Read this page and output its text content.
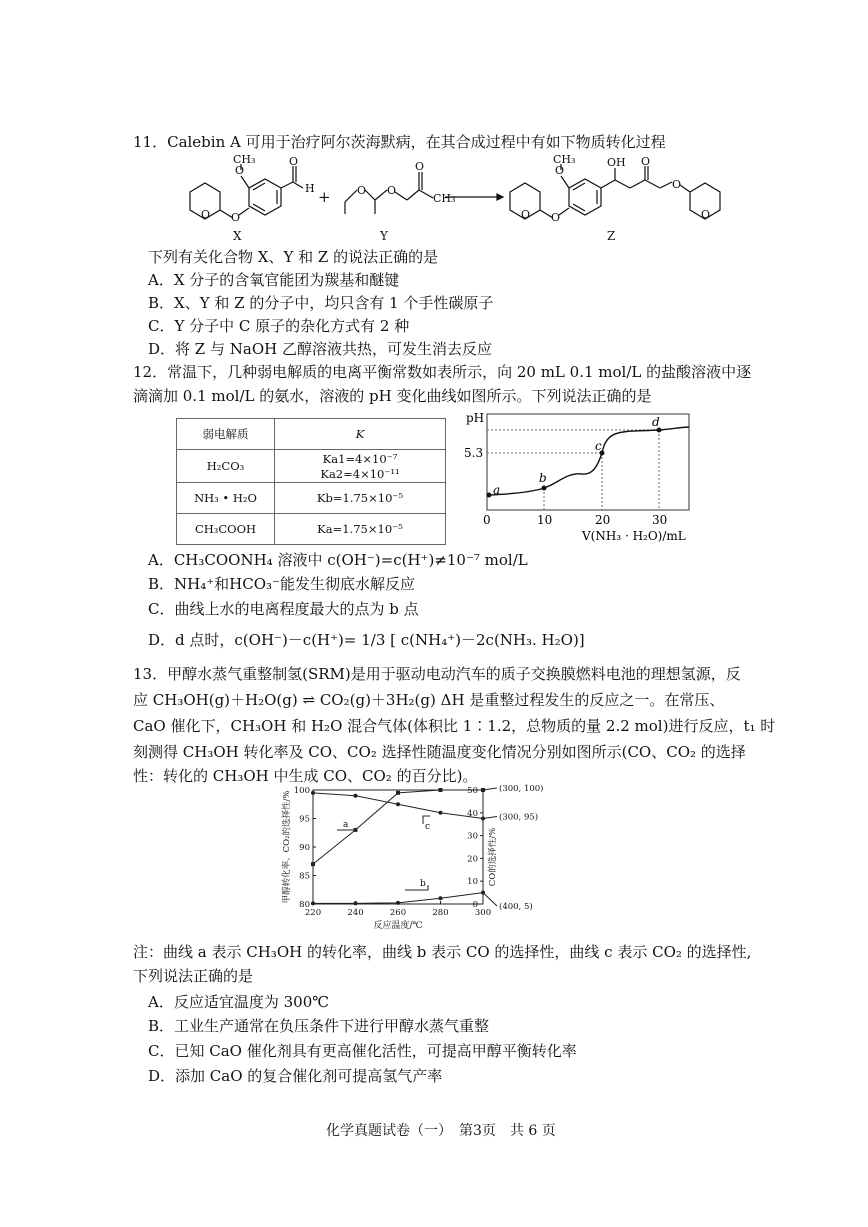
11．Calebin A 可用于治疗阿尔茨海默病，在其合成过程中有如下物质转化过程
O O
O
CH₃	O
H
X
+ O O
O
CH₃
Y
O O
O
CH₃	OH O
O
O
Z
下列有关化合物 X、Y 和 Z 的说法正确的是
A．X 分子的含氧官能团为羰基和醚键
B．X、Y 和 Z 的分子中，均只含有 1 个手性碳原子
C．Y 分子中 C 原子的杂化方式有 2 种
D．将 Z 与 NaOH 乙醇溶液共热，可发生消去反应
12．常温下，几种弱电解质的电离平衡常数如表所示，向 20 mL 0.1 mol/L 的盐酸溶液中逐
滴滴加 0.1 mol/L 的氨水，溶液的 pH 变化曲线如图所示。下列说法正确的是
弱电解质	K
H₂CO₃	Ka1=4×10⁻⁷　　Ka2=4×10⁻¹¹
NH₃ • H₂O	Kb=1.75×10⁻⁵
CH₃COOH	Ka=1.75×10⁻⁵
a
b
c
d
pH
5.3
0	10	20	30
V(NH₃ · H₂O)/mL
A．CH₃COONH₄ 溶液中 c(OH⁻)=c(H⁺)≠10⁻⁷ mol/L
B．NH₄⁺和HCO₃⁻能发生彻底水解反应
C．曲线上水的电离程度最大的点为 b 点
D．d 点时，c(OH⁻)－c(H⁺)= 1/3 [ c(NH₄⁺)－2c(NH₃. H₂O)]
13．甲醇水蒸气重整制氢(SRM)是用于驱动电动汽车的质子交换膜燃料电池的理想氢源，反
应 CH₃OH(g)＋H₂O(g) ⇌ CO₂(g)＋3H₂(g) ΔH 是重整过程发生的反应之一。在常压、
CaO 催化下，CH₃OH 和 H₂O 混合气体(体积比 1∶1.2，总物质的量 2.2 mol)进行反应，t₁ 时
刻测得 CH₃OH 转化率及 CO、CO₂ 选择性随温度变化情况分别如图所示(CO、CO₂ 的选择
性：转化的 CH₃OH 中生成 CO、CO₂ 的百分比)。
80
85
90
95
100
0
10
20
30
40
50
220	240	260	280	300
a
b
c
(300, 100)
(300, 95)
(400, 5)
反应温度/℃
甲醇转化率、CO₂的选择性/%	CO的选择性/%
注：曲线 a 表示 CH₃OH 的转化率，曲线 b 表示 CO 的选择性，曲线 c 表示 CO₂ 的选择性,
下列说法正确的是
A．反应适宜温度为 300℃
B．工业生产通常在负压条件下进行甲醇水蒸气重整
C．已知 CaO 催化剂具有更高催化活性，可提高甲醇平衡转化率
D．添加 CaO 的复合催化剂可提高氢气产率
化学真题试卷（一）　第3页　共 6 页
